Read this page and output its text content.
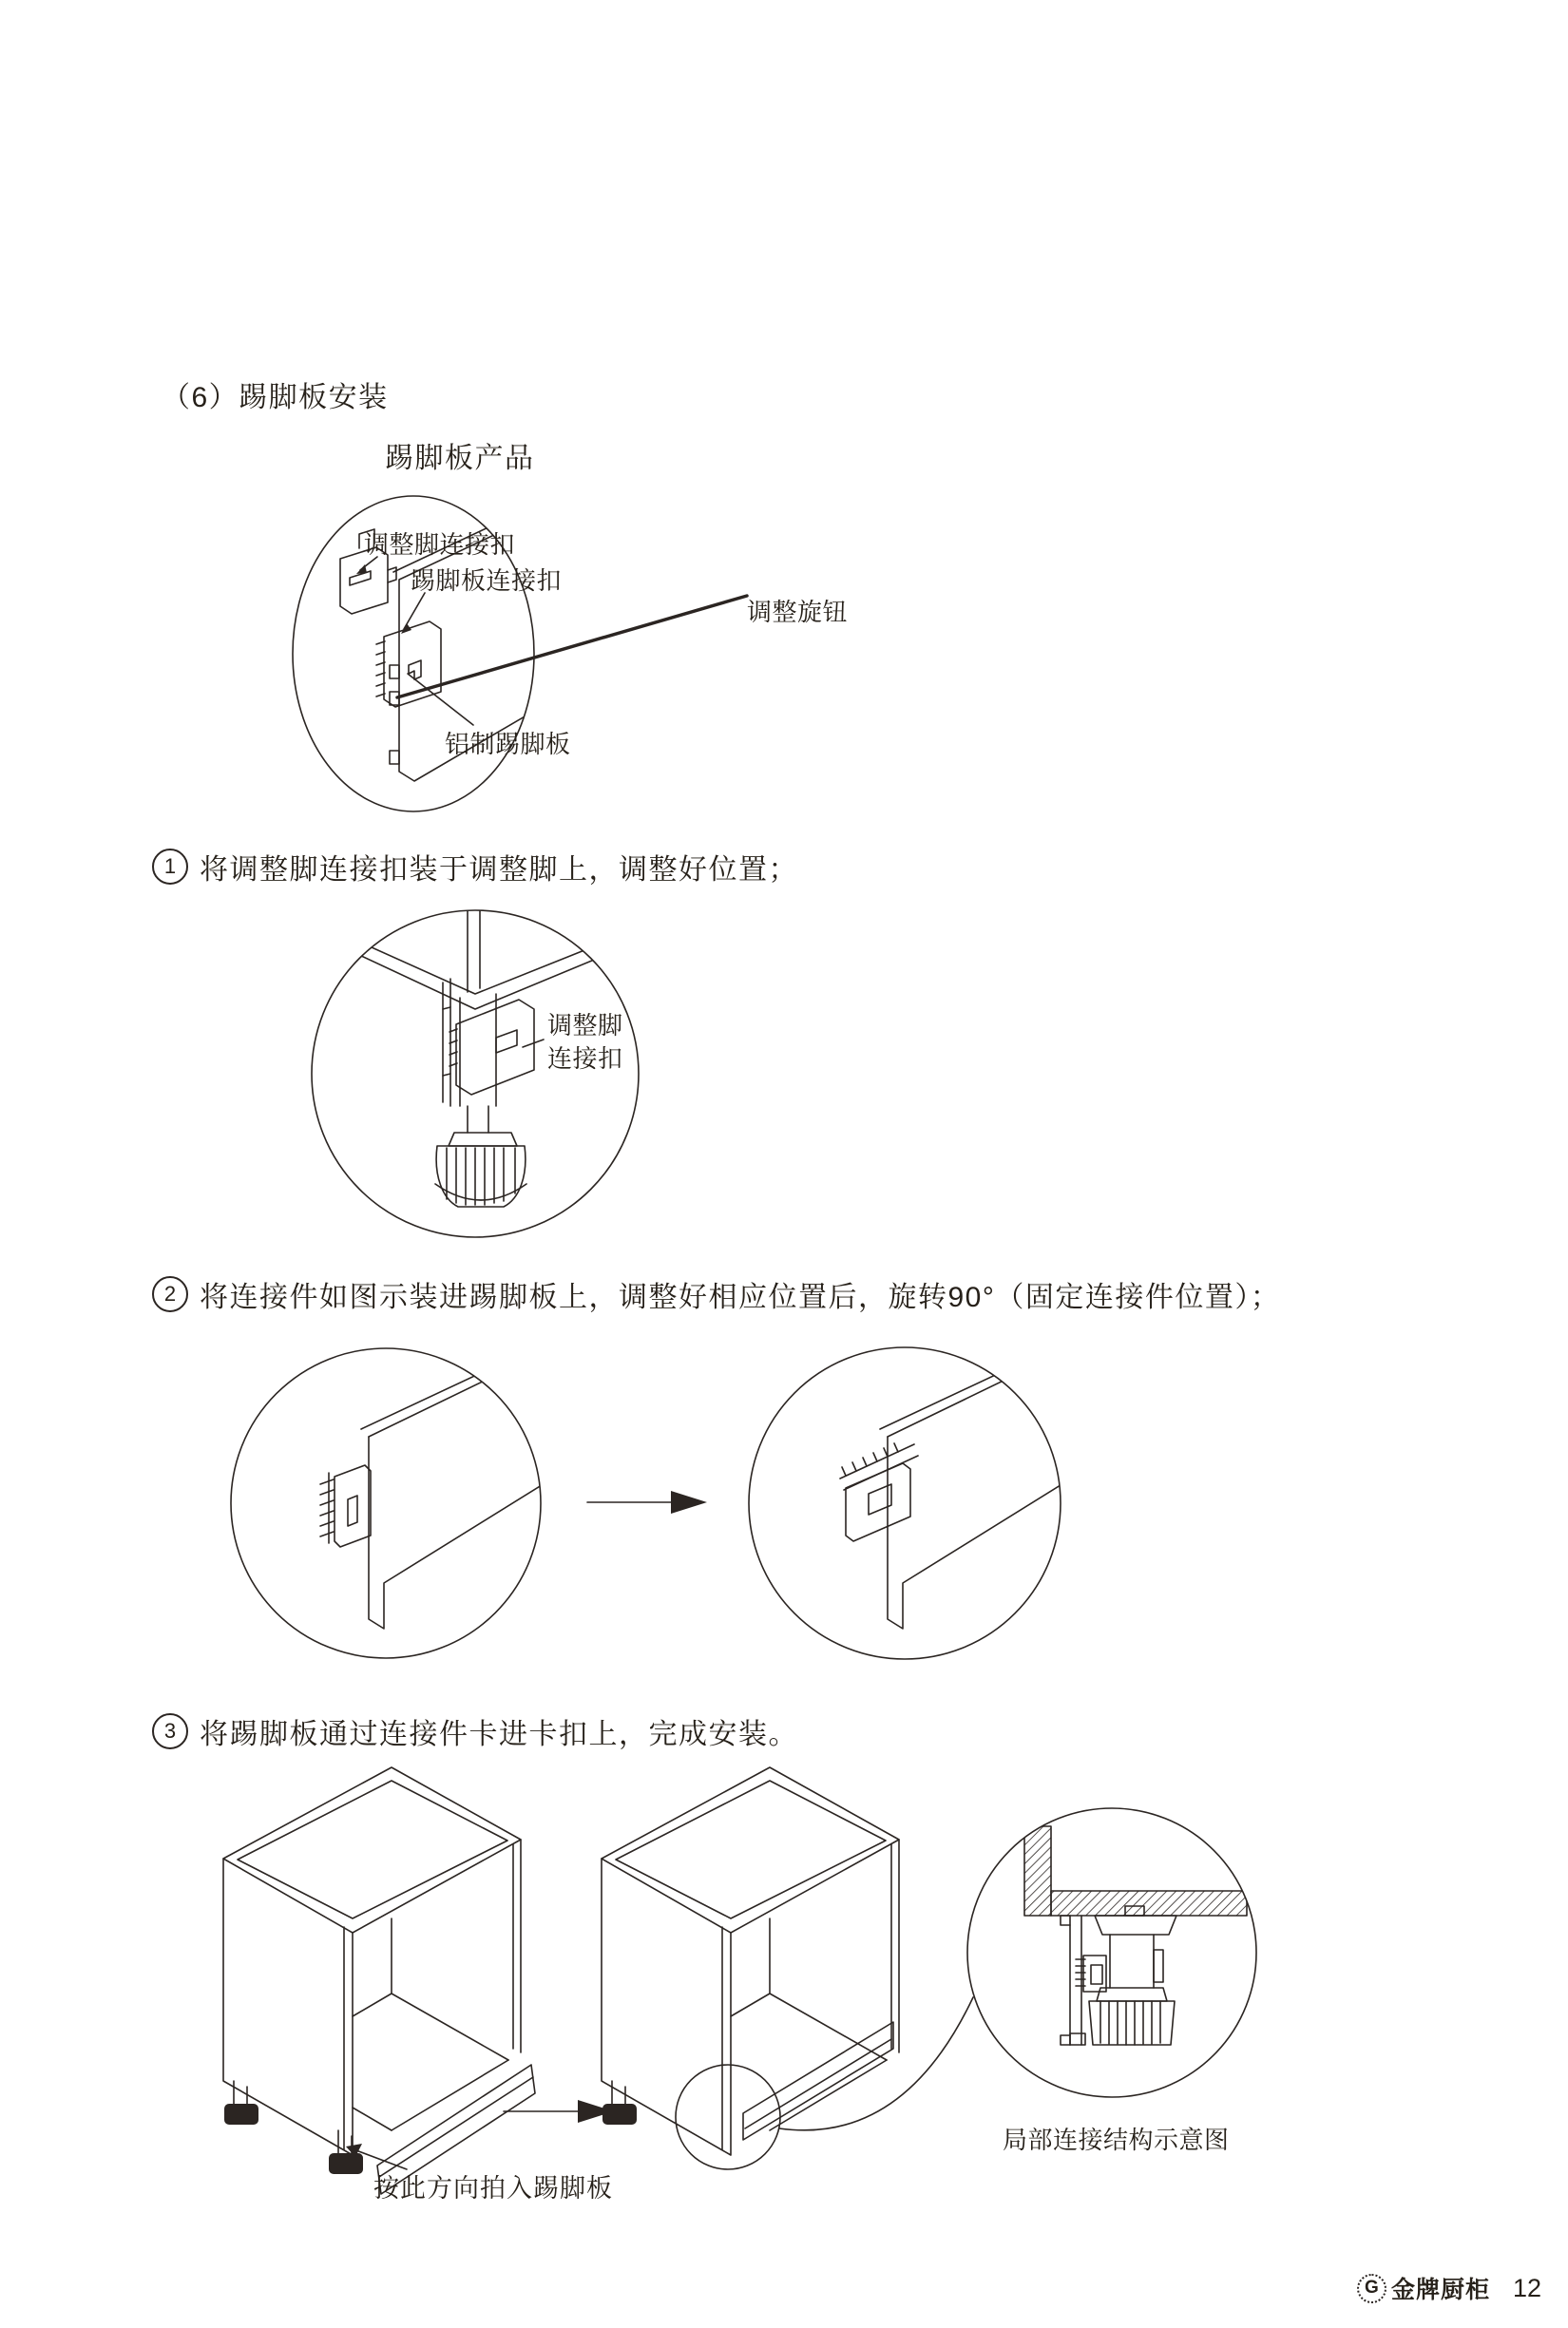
（6）踢脚板安装
踢脚板产品
调整脚连接扣
踢脚板连接扣
调整旋钮
铝制踢脚板
1 将调整脚连接扣装于调整脚上，调整好位置；
调整脚
连接扣
2 将连接件如图示装进踢脚板上，调整好相应位置后，旋转90°（固定连接件位置）；
3 将踢脚板通过连接件卡进卡扣上，完成安装。
按此方向拍入踢脚板
局部连接结构示意图
G 金牌厨柜 12
